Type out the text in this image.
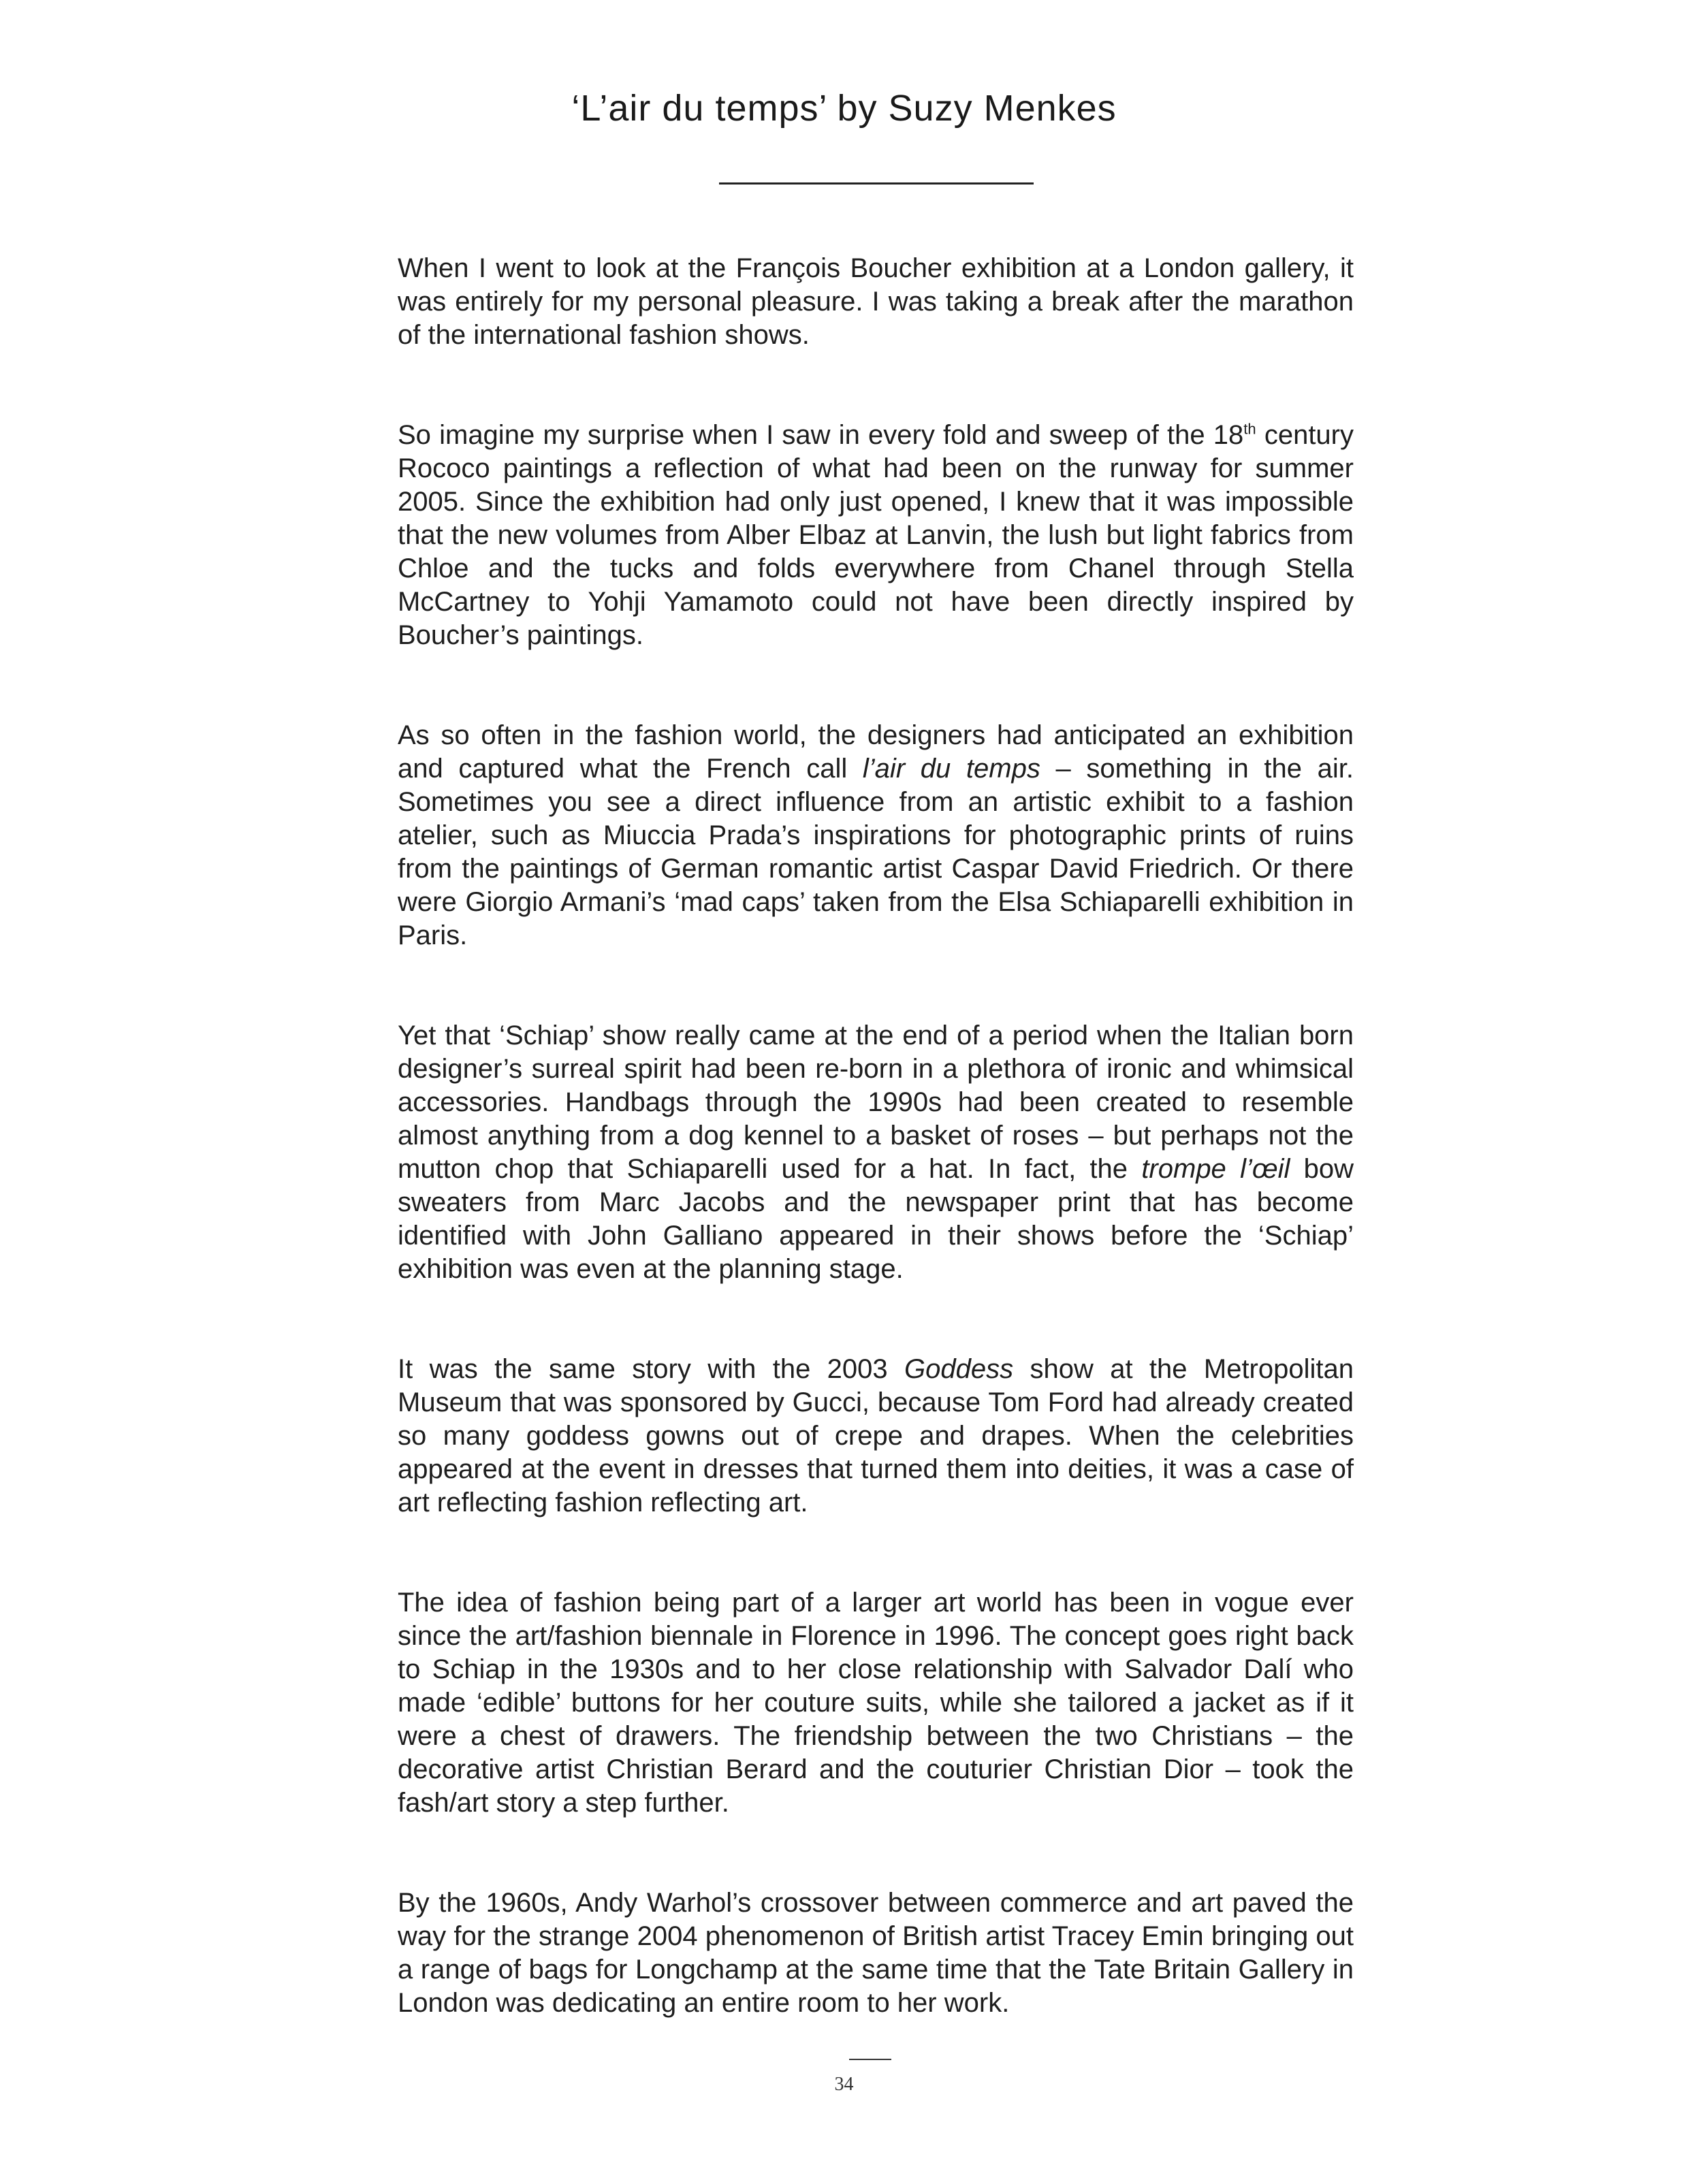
‘L’air du temps’ by Suzy Menkes

When I went to look at the François Boucher exhibition at a London gallery, it was entirely for my personal pleasure. I was taking a break after the marathon of the international fashion shows.

So imagine my surprise when I saw in every fold and sweep of the 18th century Rococo paintings a reflection of what had been on the runway for summer 2005. Since the exhibition had only just opened, I knew that it was impossible that the new volumes from Alber Elbaz at Lanvin, the lush but light fabrics from Chloe and the tucks and folds everywhere from Chanel through Stella McCartney to Yohji Yamamoto could not have been directly inspired by Boucher’s paintings.

As so often in the fashion world, the designers had anticipated an exhibition and captured what the French call l’air du temps – something in the air. Sometimes you see a direct influence from an artistic exhibit to a fashion atelier, such as Miuccia Prada’s inspirations for photographic prints of ruins from the paintings of German romantic artist Caspar David Friedrich. Or there were Giorgio Armani’s ‘mad caps’ taken from the Elsa Schiaparelli exhibition in Paris.

Yet that ‘Schiap’ show really came at the end of a period when the Italian born designer’s surreal spirit had been re-born in a plethora of ironic and whimsical accessories. Handbags through the 1990s had been created to resemble almost anything from a dog kennel to a basket of roses – but perhaps not the mutton chop that Schiaparelli used for a hat. In fact, the trompe l’œil bow sweaters from Marc Jacobs and the newspaper print that has become identified with John Galliano appeared in their shows before the ‘Schiap’ exhibition was even at the planning stage.

It was the same story with the 2003 Goddess show at the Metropolitan Museum that was sponsored by Gucci, because Tom Ford had already created so many goddess gowns out of crepe and drapes. When the celebrities appeared at the event in dresses that turned them into deities, it was a case of art reflecting fashion reflecting art.

The idea of fashion being part of a larger art world has been in vogue ever since the art/fashion biennale in Florence in 1996. The concept goes right back to Schiap in the 1930s and to her close relationship with Salvador Dalí who made ‘edible’ buttons for her couture suits, while she tailored a jacket as if it were a chest of drawers. The friendship between the two Christians – the decorative artist Christian Berard and the couturier Christian Dior – took the fash/art story a step further.

By the 1960s, Andy Warhol’s crossover between commerce and art paved the way for the strange 2004 phenomenon of British artist Tracey Emin bringing out a range of bags for Longchamp at the same time that the Tate Britain Gallery in London was dedicating an entire room to her work.

34
